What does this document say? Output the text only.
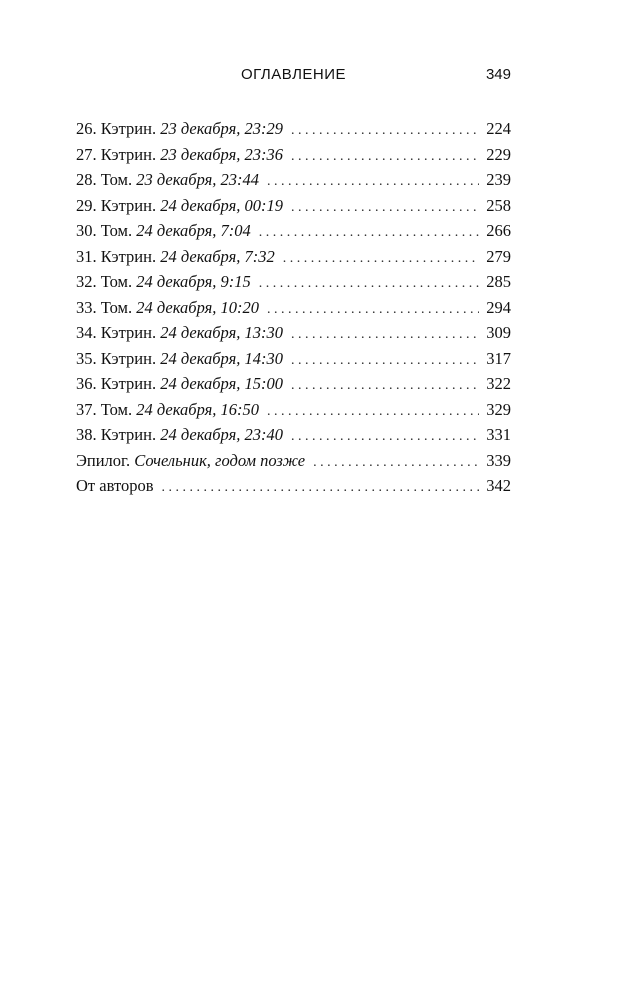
ОГЛАВЛЕНИЕ	349
26. Кэтрин. 23 декабря, 23:29 . . .	224
27. Кэтрин. 23 декабря, 23:36 . . .	229
28. Том. 23 декабря, 23:44 . . .	239
29. Кэтрин. 24 декабря, 00:19 . . .	258
30. Том. 24 декабря, 7:04 . . .	266
31. Кэтрин. 24 декабря, 7:32 . . .	279
32. Том. 24 декабря, 9:15 . . .	285
33. Том. 24 декабря, 10:20 . . .	294
34. Кэтрин. 24 декабря, 13:30 . . .	309
35. Кэтрин. 24 декабря, 14:30 . . .	317
36. Кэтрин. 24 декабря, 15:00 . . .	322
37. Том. 24 декабря, 16:50 . . .	329
38. Кэтрин. 24 декабря, 23:40 . . .	331
Эпилог. Сочельник, годом позже . . .	339
От авторов . . .	342
